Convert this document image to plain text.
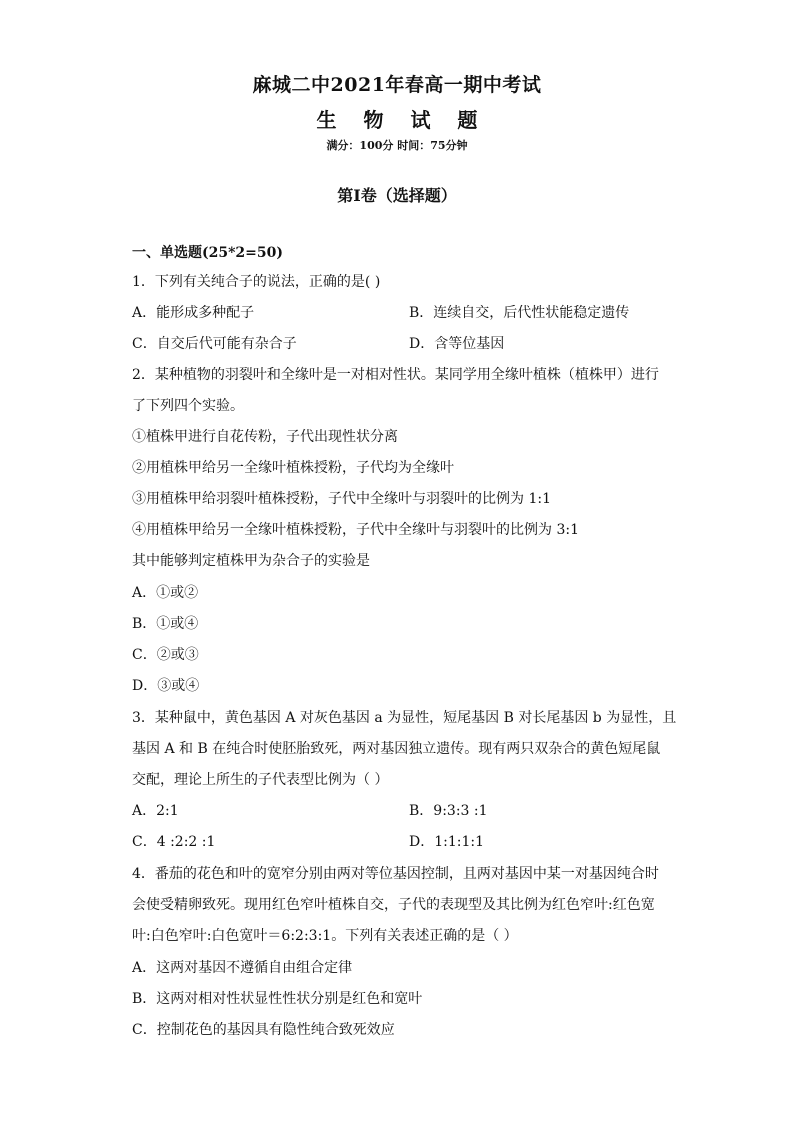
麻城二中2021年春高一期中考试
生 物 试 题
满分：100分 时间：75分钟
第Ⅰ卷（选择题）
一、单选题(25*2=50)
1．下列有关纯合子的说法，正确的是( )
A．能形成多种配子	B．连续自交，后代性状能稳定遗传
C．自交后代可能有杂合子	D．含等位基因
2．某种植物的羽裂叶和全缘叶是一对相对性状。某同学用全缘叶植株（植株甲）进行
了下列四个实验。
①植株甲进行自花传粉，子代出现性状分离
②用植株甲给另一全缘叶植株授粉，子代均为全缘叶
③用植株甲给羽裂叶植株授粉，子代中全缘叶与羽裂叶的比例为 1:1
④用植株甲给另一全缘叶植株授粉，子代中全缘叶与羽裂叶的比例为 3:1
其中能够判定植株甲为杂合子的实验是
A．①或②
B．①或④
C．②或③
D．③或④
3．某种鼠中，黄色基因 A 对灰色基因 a 为显性，短尾基因 B 对长尾基因 b 为显性，且
基因 A 和 B 在纯合时使胚胎致死，两对基因独立遗传。现有两只双杂合的黄色短尾鼠
交配，理论上所生的子代表型比例为（ ）
A．2:1	B．9:3:3 :1
C．4 :2:2 :1	D．1:1:1:1
4．番茄的花色和叶的宽窄分别由两对等位基因控制，且两对基因中某一对基因纯合时
会使受精卵致死。现用红色窄叶植株自交，子代的表现型及其比例为红色窄叶:红色宽
叶:白色窄叶:白色宽叶＝6:2:3:1。下列有关表述正确的是（ ）
A．这两对基因不遵循自由组合定律
B．这两对相对性状显性性状分别是红色和宽叶
C．控制花色的基因具有隐性纯合致死效应
